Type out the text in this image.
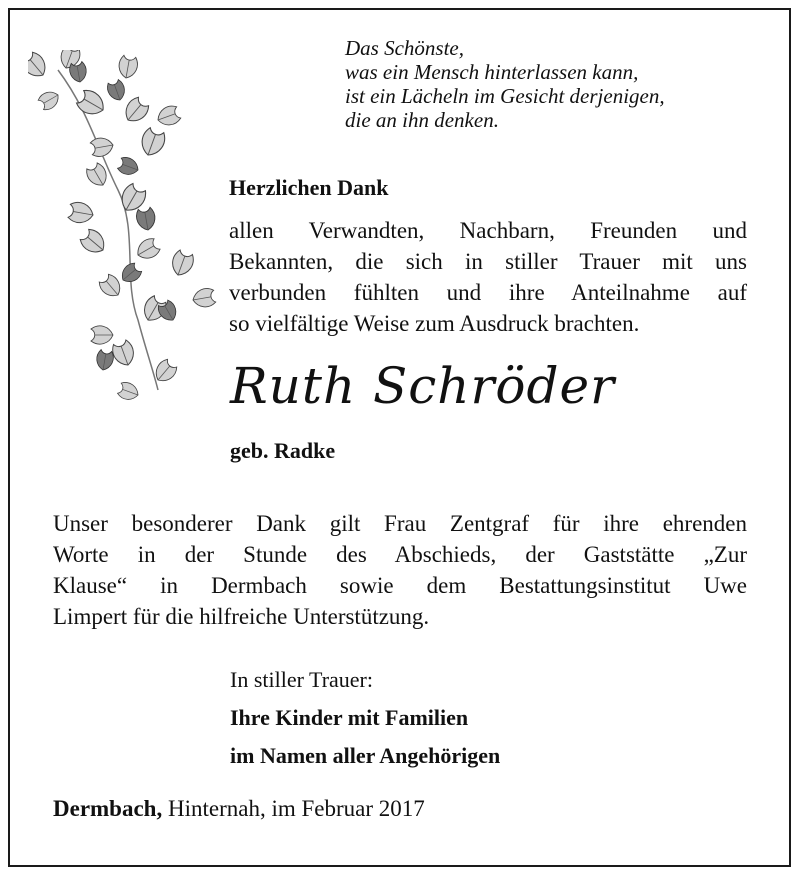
Das Schönste,
was ein Mensch hinterlassen kann,
ist ein Lächeln im Gesicht derjenigen,
die an ihn denken.
Herzlichen Dank
allen Verwandten, Nachbarn, Freunden und
Bekannten, die sich in stiller Trauer mit uns
verbunden fühlten und ihre Anteilnahme auf
so vielfältige Weise zum Ausdruck brachten.
Ruth Schröder
geb. Radke
Unser besonderer Dank gilt Frau Zentgraf für ihre ehrenden
Worte in der Stunde des Abschieds, der Gaststätte „Zur
Klause“ in Dermbach sowie dem Bestattungsinstitut Uwe
Limpert für die hilfreiche Unterstützung.
In stiller Trauer:
Ihre Kinder mit Familien
im Namen aller Angehörigen
Dermbach, Hinternah, im Februar 2017
